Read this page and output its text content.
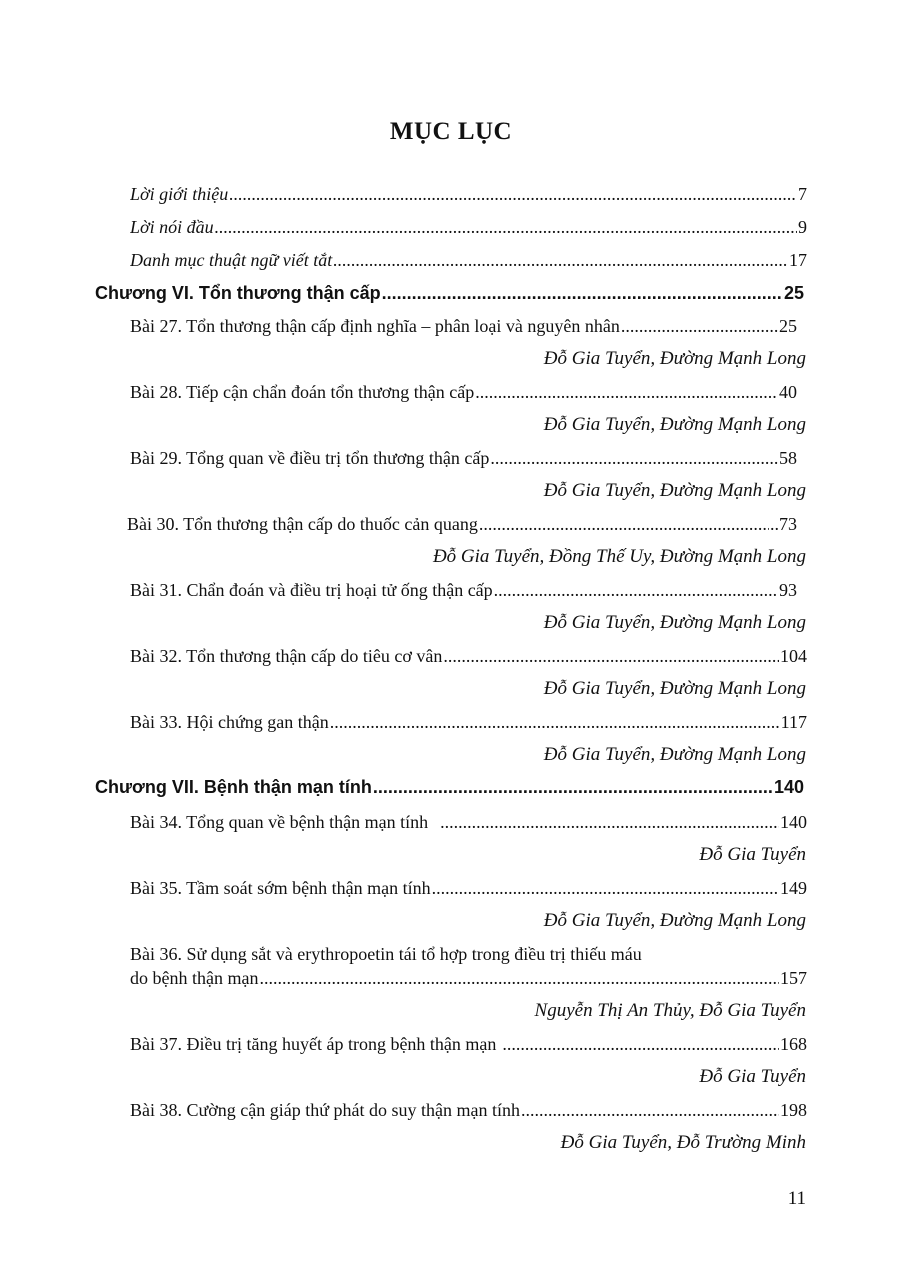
MỤC LỤC
Lời giới thiệu .....	7
Lời nói đầu .....	9
Danh mục thuật ngữ viết tắt .....	17
Chương VI. Tổn thương thận cấp .....	25
Bài 27. Tổn thương thận cấp định nghĩa – phân loại và nguyên nhân .....	25
Đỗ Gia Tuyển, Đường Mạnh Long
Bài 28. Tiếp cận chẩn đoán tổn thương thận cấp .....	40
Đỗ Gia Tuyển, Đường Mạnh Long
Bài 29. Tổng quan về điều trị tổn thương thận cấp .....	58
Đỗ Gia Tuyển, Đường Mạnh Long
Bài 30. Tổn thương thận cấp do thuốc cản quang .....	..73
Đỗ Gia Tuyển, Đồng Thế Uy, Đường Mạnh Long
Bài 31. Chẩn đoán và điều trị hoại tử ống thận cấp .....	93
Đỗ Gia Tuyển, Đường Mạnh Long
Bài 32. Tổn thương thận cấp do tiêu cơ vân .....	104
Đỗ Gia Tuyển, Đường Mạnh Long
Bài 33. Hội chứng gan thận .....	117
Đỗ Gia Tuyển, Đường Mạnh Long
Chương VII. Bệnh thận mạn tính .....	140
Bài 34. Tổng quan về bệnh thận mạn tính .....	140
Đỗ Gia Tuyển
Bài 35. Tầm soát sớm bệnh thận mạn tính .....	149
Đỗ Gia Tuyển, Đường Mạnh Long
Bài 36. Sử dụng sắt và erythropoetin tái tổ hợp trong điều trị thiếu máu
do bệnh thận mạn .....	157
Nguyễn Thị An Thủy, Đỗ Gia Tuyển
Bài 37. Điều trị tăng huyết áp trong bệnh thận mạn .....	168
Đỗ Gia Tuyển
Bài 38. Cường cận giáp thứ phát do suy thận mạn tính .....	198
Đỗ Gia Tuyển, Đỗ Trường Minh
11
